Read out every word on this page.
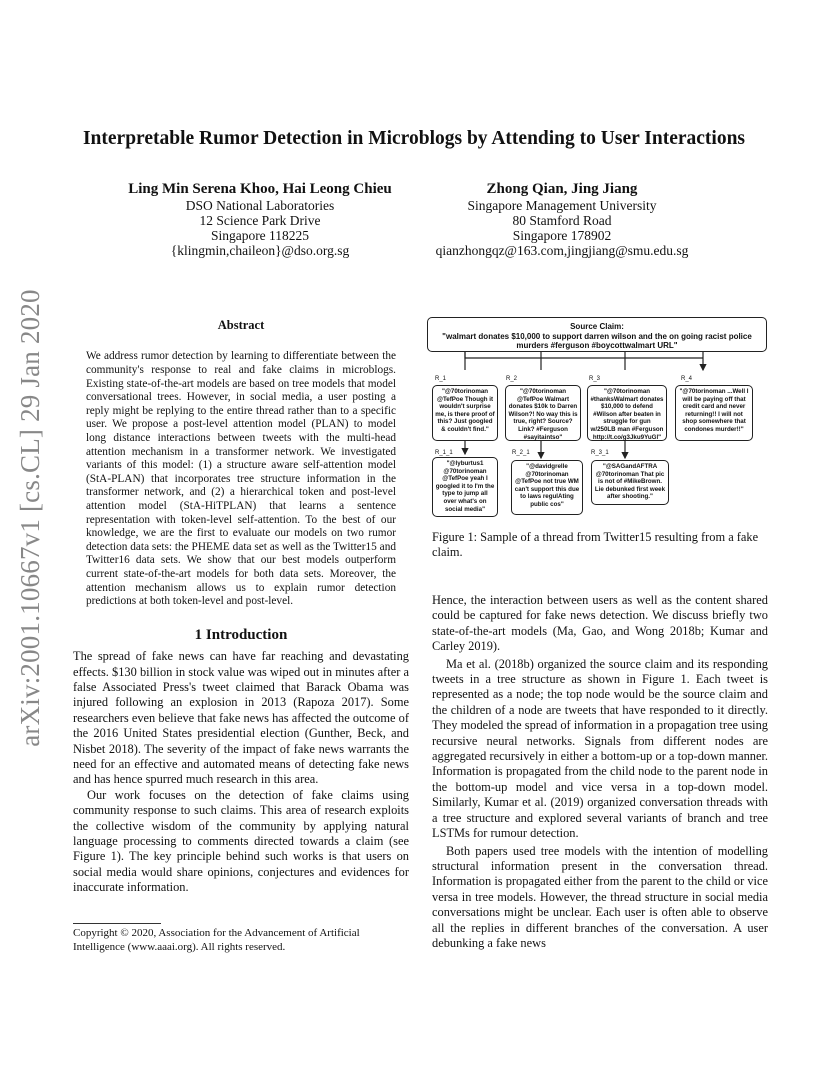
arXiv:2001.10667v1 [cs.CL] 29 Jan 2020
Interpretable Rumor Detection in Microblogs by Attending to User Interactions
Ling Min Serena Khoo, Hai Leong Chieu
DSO National Laboratories
12 Science Park Drive
Singapore 118225
{klingmin,chaileon}@dso.org.sg
Zhong Qian, Jing Jiang
Singapore Management University
80 Stamford Road
Singapore 178902
qianzhongqz@163.com,jingjiang@smu.edu.sg
Abstract

We address rumor detection by learning to differentiate between the community's response to real and fake claims in microblogs. Existing state-of-the-art models are based on tree models that model conversational trees. However, in social media, a user posting a reply might be replying to the entire thread rather than to a specific user. We propose a post-level attention model (PLAN) to model long distance interactions between tweets with the multi-head attention mechanism in a transformer network. We investigated variants of this model: (1) a structure aware self-attention model (StA-PLAN) that incorporates tree structure information in the transformer network, and (2) a hierarchical token and post-level attention model (StA-HiTPLAN) that learns a sentence representation with token-level self-attention. To the best of our knowledge, we are the first to evaluate our models on two rumor detection data sets: the PHEME data set as well as the Twitter15 and Twitter16 data sets. We show that our best models outperform current state-of-the-art models for both data sets. Moreover, the attention mechanism allows us to explain rumor detection predictions at both token-level and post-level.

1 Introduction

The spread of fake news can have far reaching and devastating effects. $130 billion in stock value was wiped out in minutes after a false Associated Press's tweet claimed that Barack Obama was injured following an explosion in 2013 (Rapoza 2017). Some researchers even believe that fake news has affected the outcome of the 2016 United States presidential election (Gunther, Beck, and Nisbet 2018). The severity of the impact of fake news warrants the need for an effective and automated means of detecting fake news and has hence spurred much research in this area.

Our work focuses on the detection of fake claims using community response to such claims. This area of research exploits the collective wisdom of the community by applying natural language processing to comments directed towards a claim (see Figure 1). The key principle behind such works is that users on social media would share opinions, conjectures and evidences for inaccurate information.

Copyright © 2020, Association for the Advancement of Artificial Intelligence (www.aaai.org). All rights reserved.
Source Claim:
"walmart donates $10,000 to support darren wilson and the on going racist police murders #ferguson #boycottwalmart URL"
R_1	R_2	R_3	R_4
"@70torinoman @TefPoe Though it wouldn't surprise me, is there proof of this? Just googled & couldn't find."
"@70torinoman @TefPoe Walmart donates $10k to Darren Wilson?! No way this is true, right? Source? Link? #Ferguson #sayitaintso"
"@70torinoman #thanksWalmart donates $10,000 to defend #Wilson after beaten in struggle for gun w/250LB man #Ferguson http://t.co/g3Jku9YuGl"
"@70torinoman ...Well I will be paying off that credit card and never returning!! I will not shop somewhere that condones murder!!"
R_1_1	R_2_1	R_3_1
"@lyburtus1 @70torinoman @TefPoe yeah I googled it to I'm the type to jump all over what's on social media"
"@davidgrelle @70torinoman @TefPoe not true WM can't support this due to laws regulAting public cos"
"@SAGandAFTRA @70torinoman That pic is not of #MikeBrown. Lie debunked first week after shooting."
Figure 1: Sample of a thread from Twitter15 resulting from a fake claim.

Hence, the interaction between users as well as the content shared could be captured for fake news detection. We discuss briefly two state-of-the-art models (Ma, Gao, and Wong 2018b; Kumar and Carley 2019).

Ma et al. (2018b) organized the source claim and its responding tweets in a tree structure as shown in Figure 1. Each tweet is represented as a node; the top node would be the source claim and the children of a node are tweets that have responded to it directly. They modeled the spread of information in a propagation tree using recursive neural networks. Signals from different nodes are aggregated recursively in either a bottom-up or a top-down manner. Information is propagated from the child node to the parent node in the bottom-up model and vice versa in a top-down model. Similarly, Kumar et al. (2019) organized conversation threads with a tree structure and explored several variants of branch and tree LSTMs for rumour detection.

Both papers used tree models with the intention of modelling structural information present in the conversation thread. Information is propagated either from the parent to the child or vice versa in tree models. However, the thread structure in social media conversations might be unclear. Each user is often able to observe all the replies in different branches of the conversation. A user debunking a fake news
